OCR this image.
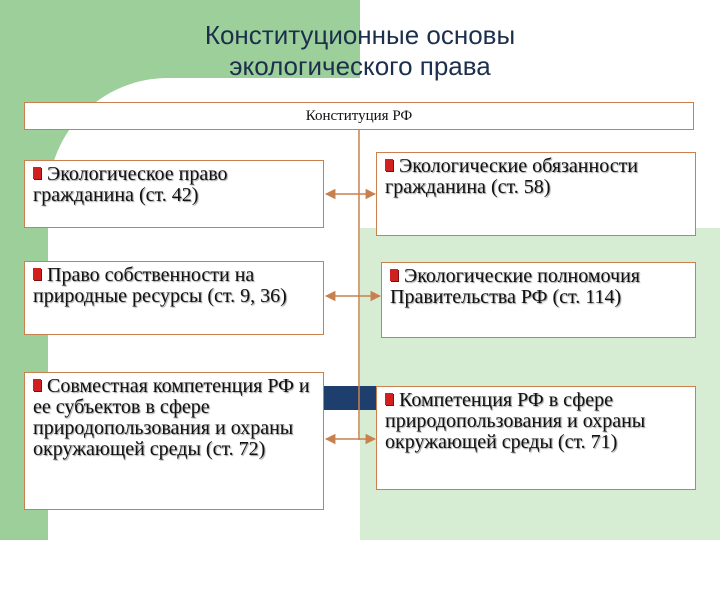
Конституционные основы
экологического права
Конституция РФ
Экологическое право гражданина (ст. 42)
Право собственности на природные ресурсы (ст. 9, 36)
Совместная компетенция РФ и ее субъектов в сфере природопользования и охраны окружающей среды (ст. 72)
Экологические обязанности гражданина (ст. 58)
Экологические полномочия Правительства РФ (ст. 114)
Компетенция РФ в сфере природопользования и охраны окружающей среды (ст. 71)
